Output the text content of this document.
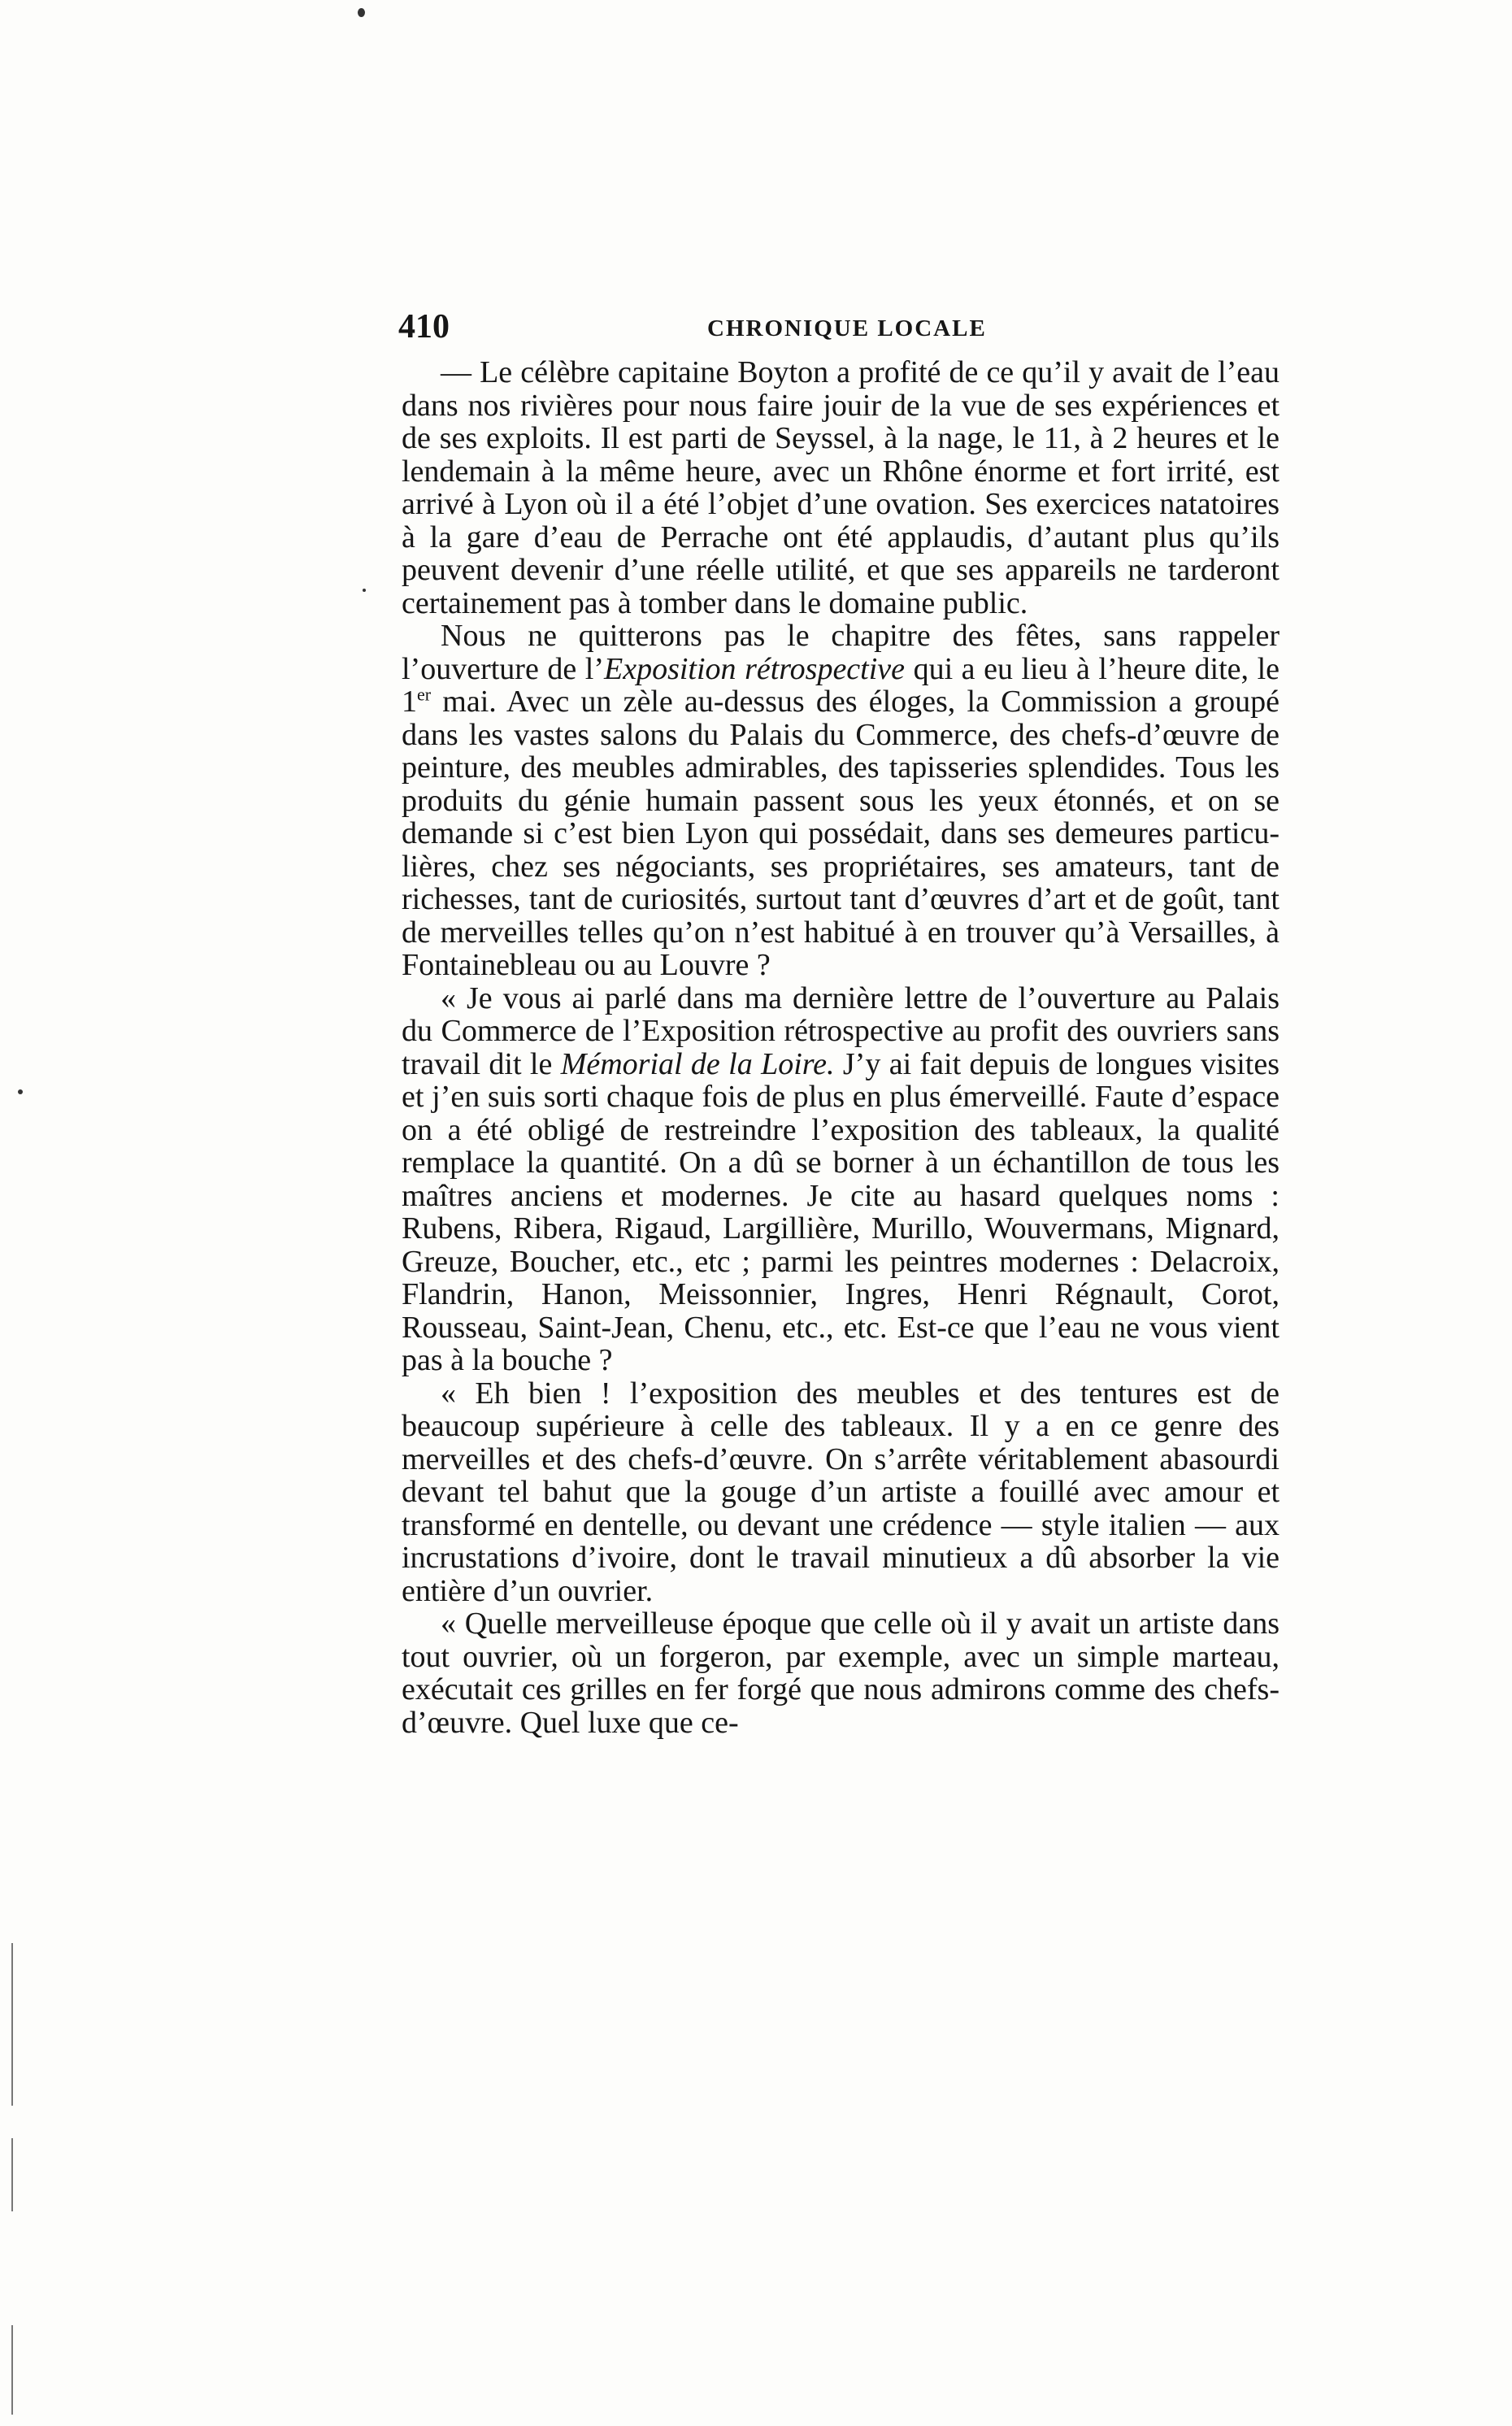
410	CHRONIQUE LOCALE

— Le célèbre capitaine Boyton a profité de ce qu’il y avait de l’eau dans nos rivières pour nous faire jouir de la vue de ses expériences et de ses exploits. Il est parti de Seyssel, à la nage, le 11, à 2 heures et le lendemain à la même heure, avec un Rhône énorme et fort irrité, est arrivé à Lyon où il a été l’objet d’une ovation. Ses exercices natatoires à la gare d’eau de Perrache ont été applaudis, d’autant plus qu’ils peuvent devenir d’une réelle utilité, et que ses appareils ne tarderont certainement pas à tomber dans le domaine public.

Nous ne quitterons pas le chapitre des fêtes, sans rappeler l’ouverture de l’Exposition rétrospective qui a eu lieu à l’heure dite, le 1er mai. Avec un zèle au-dessus des éloges, la Commission a groupé dans les vastes salons du Palais du Commerce, des chefs-d’œuvre de peinture, des meubles admirables, des tapisseries splendides. Tous les produits du génie humain passent sous les yeux étonnés, et on se demande si c’est bien Lyon qui possédait, dans ses demeures particulières, chez ses négociants, ses propriétaires, ses amateurs, tant de richesses, tant de curiosités, surtout tant d’œuvres d’art et de goût, tant de merveilles telles qu’on n’est habitué à en trouver qu’à Versailles, à Fontainebleau ou au Louvre ?

« Je vous ai parlé dans ma dernière lettre de l’ouverture au Palais du Commerce de l’Exposition rétrospective au profit des ouvriers sans travail dit le Mémorial de la Loire. J’y ai fait depuis de longues visites et j’en suis sorti chaque fois de plus en plus émerveillé. Faute d’espace on a été obligé de restreindre l’exposition des tableaux, la qualité remplace la quantité. On a dû se borner à un échantillon de tous les maîtres anciens et modernes. Je cite au hasard quelques noms : Rubens, Ribera, Rigaud, Largillière, Murillo, Wouvermans, Mignard, Greuze, Boucher, etc., etc ; parmi les peintres modernes : Delacroix, Flandrin, Hanon, Meissonnier, Ingres, Henri Régnault, Corot, Rousseau, Saint-Jean, Chenu, etc., etc. Est-ce que l’eau ne vous vient pas à la bouche ?

« Eh bien ! l’exposition des meubles et des tentures est de beaucoup supérieure à celle des tableaux. Il y a en ce genre des merveilles et des chefs-d’œuvre. On s’arrête véritablement abasourdi devant tel bahut que la gouge d’un artiste a fouillé avec amour et transformé en dentelle, ou devant une crédence — style italien — aux incrustations d’ivoire, dont le travail minutieux a dû absorber la vie entière d’un ouvrier.

« Quelle merveilleuse époque que celle où il y avait un artiste dans tout ouvrier, où un forgeron, par exemple, avec un simple marteau, exécutait ces grilles en fer forgé que nous admirons comme des chefs-d’œuvre. Quel luxe que ce-
